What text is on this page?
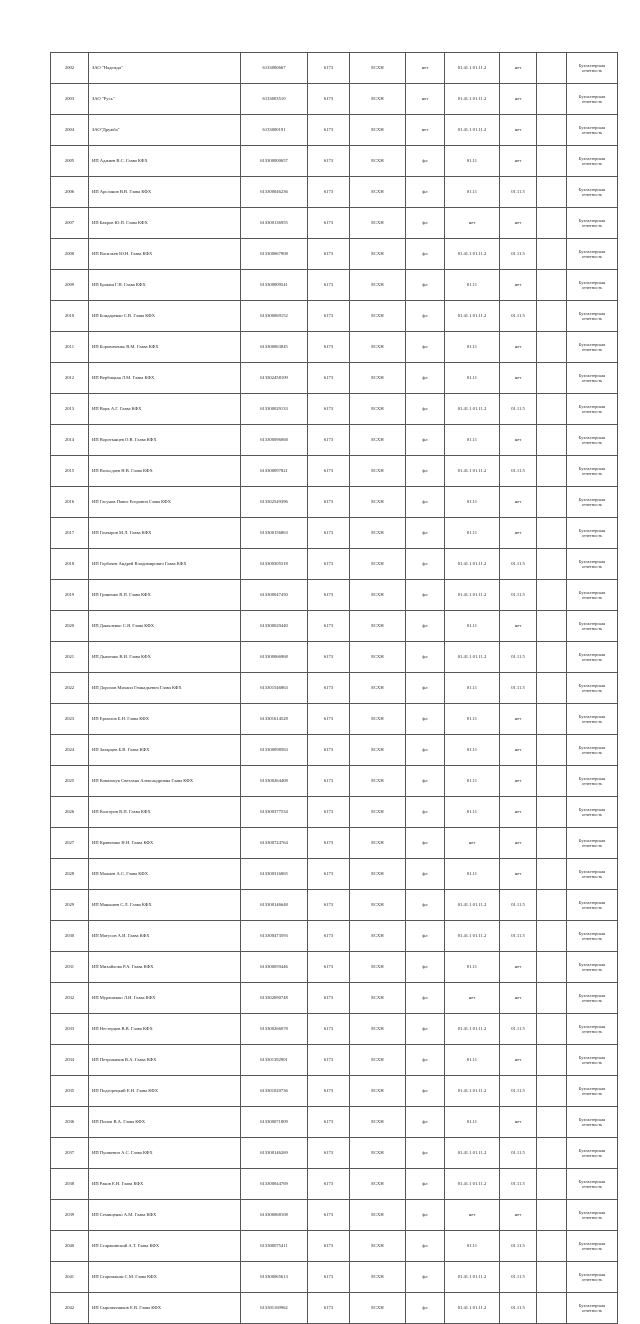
2002	ЗАО "Надежда"	6133000667	6173	ЕСХН	нет	01.41.1 01.11.2	нет		Бухгалтерская отчетность
2003	ЗАО "Русь"	6133003510	6173	ЕСХН	нет	01.41.1 01.11.2	нет		Бухгалтерская отчетность
2004	ЗАО"Дружба"	6133000191	6173	ЕСХН	нет	01.41.1 01.11.2	нет		Бухгалтерская отчетность
2005	ИП Аджиев В.С. Глава КФХ	613300000657	6173	ЕСХН	фл	01.11	нет		Бухгалтерская отчетность
2006	ИП Арсланов В.В. Глава КФХ	613300046236	6173	ЕСХН	фл	01.11	01.11.5		Бухгалтерская отчетность
2007	ИП Бакров Ю.П. Глава КФХ	613300136955	6173	ЕСХН	фл	нет	нет		Бухгалтерская отчетность
2008	ИП Васильев Ю.Н. Глава КФХ	613300067908	6173	ЕСХН	фл	01.41.1 01.11.2	01.11.5		Бухгалтерская отчетность
2009	ИП Бракин Г.Н. Глава КФХ	613300009541	6173	ЕСХН	фл	01.11	нет		Бухгалтерская отчетность
2010	ИП Бондаренко С.В. Глава КФХ	613300069152	6173	ЕСХН	фл	01.41.1 01.11.2	01.11.5		Бухгалтерская отчетность
2011	ИП Боровиченко В.М. Глава КФХ	613300063845	6173	ЕСХН	фл	01.11	нет		Бухгалтерская отчетность
2012	ИП Вербицкая Л.М. Глава КФХ	613302458109	6173	ЕСХН	фл	01.11	нет		Бухгалтерская отчетность
2013	ИП Ворк А.Г. Глава КФХ	613300029133	6173	ЕСХН	фл	01.41.1 01.11.2	01.11.5		Бухгалтерская отчетность
2014	ИП Воротынцев О.В. Глава КФХ	613300096068	6173	ЕСХН	фл	01.11	нет		Бухгалтерская отчетность
2015	ИП Вольсдаев Н.В. Глава КФХ	613300097821	6173	ЕСХН	фл	01.41.1 01.11.2	01.11.5		Бухгалтерская отчетность
2016	ИП Гагунов Павел Егорович Глава КФХ	613302549396	6173	ЕСХН	фл	01.11	нет		Бухгалтерская отчетность
2017	ИП Гончаров М.Л. Глава КФХ	613300156863	6173	ЕСХН	фл	01.11	нет		Бухгалтерская отчетность
2018	ИП Горбачев Андрей Владимирович Глава КФХ	613300305518	6173	ЕСХН	фл	01.41.1 01.11.2	01.11.5		Бухгалтерская отчетность
2019	ИП Гриненко В.П. Глава КФХ	613300047450	6173	ЕСХН	фл	01.41.1 01.11.2	01.11.5		Бухгалтерская отчетность
2020	ИП Даныленко С.Я. Глава КФХ	613300029440	6173	ЕСХН	фл	01.11	нет		Бухгалтерская отчетность
2021	ИП Дьяченко В.И. Глава КФХ	613300066968	6173	ЕСХН	фл	01.41.1 01.11.2	01.11.5		Бухгалтерская отчетность
2022	ИП Дорохов Михаил Геннадьевич Глава КФХ	613301546863	6173	ЕСХН	фл	01.11	01.11.5		Бухгалтерская отчетность
2023	ИП Ермолов Б.Н. Глава КФХ	613301614528	6173	ЕСХН	фл	01.11	нет		Бухгалтерская отчетность
2024	ИП Захарцев Б.В. Глава КФХ	613300098563	6173	ЕСХН	фл	01.11	нет		Бухгалтерская отчетность
2025	ИП Ковальчук Светлана Александровна Глава КФХ	613300264408	6173	ЕСХН	фл	01.11	нет		Бухгалтерская отчетность
2026	ИП Колгоров В.П. Глава КФХ	613300377534	6173	ЕСХН	фл	01.11	нет		Бухгалтерская отчетность
2027	ИП Кравченко Н.Н. Глава КФХ	613300724764	6173	ЕСХН	фл	нет	нет		Бухгалтерская отчетность
2028	ИП Мажаев А.С. Глава КФХ	613300316065	6173	ЕСХН	фл	01.11	нет		Бухгалтерская отчетность
2029	ИП Манышев С.Л. Глава КФХ	613300146648	6173	ЕСХН	фл	01.41.1 01.11.2	01.11.5		Бухгалтерская отчетность
2030	ИП Матусов А.И. Глава КФХ	613300473593	6173	ЕСХН	фл	01.41.1 01.11.2	01.11.5		Бухгалтерская отчетность
2031	ИП Михайлова Р.А. Глава КФХ	613300059446	6173	ЕСХН	фл	01.11	нет		Бухгалтерская отчетность
2032	ИП Мурашенко Л.И. Глава КФХ	613302690748	6173	ЕСХН	фл	нет	нет		Бухгалтерская отчетность
2033	ИП Нестерцев В.В. Глава КФХ	613300266078	6173	ЕСХН	фл	01.41.1 01.11.2	01.11.5		Бухгалтерская отчетность
2034	ИП Петрожиков В.А. Глава КФХ	613301392901	6173	ЕСХН	фл	01.11	нет		Бухгалтерская отчетность
2035	ИП Подгорецкий Е.Н. Глава КФХ	613301020736	6173	ЕСХН	фл	01.41.1 01.11.2	01.11.5		Бухгалтерская отчетность
2036	ИП Попов В.А. Глава КФХ	613300071809	6173	ЕСХН	фл	01.11	нет		Бухгалтерская отчетность
2037	ИП Пушкевич А.С. Глава КФХ	613300146269	6173	ЕСХН	фл	01.41.1 01.11.2	01.11.5		Бухгалтерская отчетность
2038	ИП Раков Е.Н. Глава КФХ	613300044769	6173	ЕСХН	фл	01.41.1 01.11.2	01.11.5		Бухгалтерская отчетность
2039	ИП Семищенко А.М. Глава КФХ	613300068108	6173	ЕСХН	фл	нет	нет		Бухгалтерская отчетность
2040	ИП Старакивский А.Т. Глава КФХ	613300075411	6173	ЕСХН	фл	01.11	01.11.5		Бухгалтерская отчетность
2041	ИП Старомакин С.М. Глава КФХ	613300065613	6173	ЕСХН	фл	01.41.1 01.11.2	01.11.5		Бухгалтерская отчетность
2042	ИП Сыромятников Е.В. Глава КФХ	613301169962	6173	ЕСХН	фл	01.41.1 01.11.2	01.11.5		Бухгалтерская отчетность
